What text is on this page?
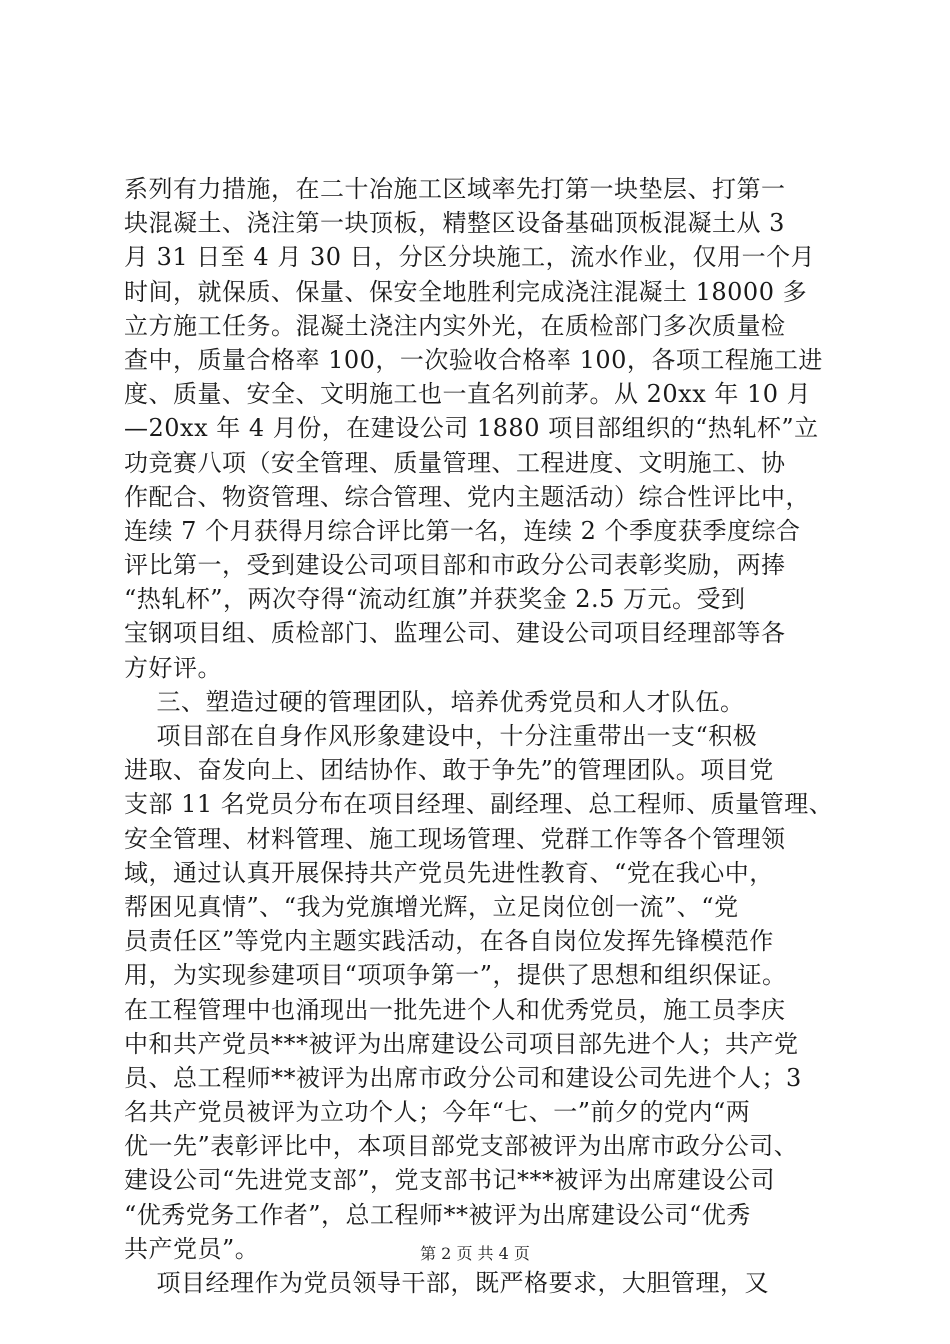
系列有力措施，在二十冶施工区域率先打第一块垫层、打第一
块混凝土、浇注第一块顶板，精整区设备基础顶板混凝土从 3
月 31 日至 4 月 30 日，分区分块施工，流水作业，仅用一个月
时间，就保质、保量、保安全地胜利完成浇注混凝土 18000 多
立方施工任务。混凝土浇注内实外光，在质检部门多次质量检
查中，质量合格率 100，一次验收合格率 100，各项工程施工进
度、质量、安全、文明施工也一直名列前茅。从 20xx 年 10 月
—20xx 年 4 月份，在建设公司 1880 项目部组织的“热轧杯”立
功竞赛八项（安全管理、质量管理、工程进度、文明施工、协
作配合、物资管理、综合管理、党内主题活动）综合性评比中，
连续 7 个月获得月综合评比第一名，连续 2 个季度获季度综合
评比第一，受到建设公司项目部和市政分公司表彰奖励，两捧
“热轧杯”，两次夺得“流动红旗”并获奖金 2.5 万元。受到
宝钢项目组、质检部门、监理公司、建设公司项目经理部等各
方好评。
三、塑造过硬的管理团队，培养优秀党员和人才队伍。
项目部在自身作风形象建设中，十分注重带出一支“积极
进取、奋发向上、团结协作、敢于争先”的管理团队。项目党
支部 11 名党员分布在项目经理、副经理、总工程师、质量管理、
安全管理、材料管理、施工现场管理、党群工作等各个管理领
域，通过认真开展保持共产党员先进性教育、“党在我心中，
帮困见真情”、“我为党旗增光辉，立足岗位创一流”、“党
员责任区”等党内主题实践活动，在各自岗位发挥先锋模范作
用，为实现参建项目“项项争第一”，提供了思想和组织保证。
在工程管理中也涌现出一批先进个人和优秀党员，施工员李庆
中和共产党员***被评为出席建设公司项目部先进个人；共产党
员、总工程师**被评为出席市政分公司和建设公司先进个人；3
名共产党员被评为立功个人；今年“七、一”前夕的党内“两
优一先”表彰评比中，本项目部党支部被评为出席市政分公司、
建设公司“先进党支部”，党支部书记***被评为出席建设公司
“优秀党务工作者”，总工程师**被评为出席建设公司“优秀
共产党员”。
项目经理作为党员领导干部，既严格要求，大胆管理，又
第 2 页 共 4 页
